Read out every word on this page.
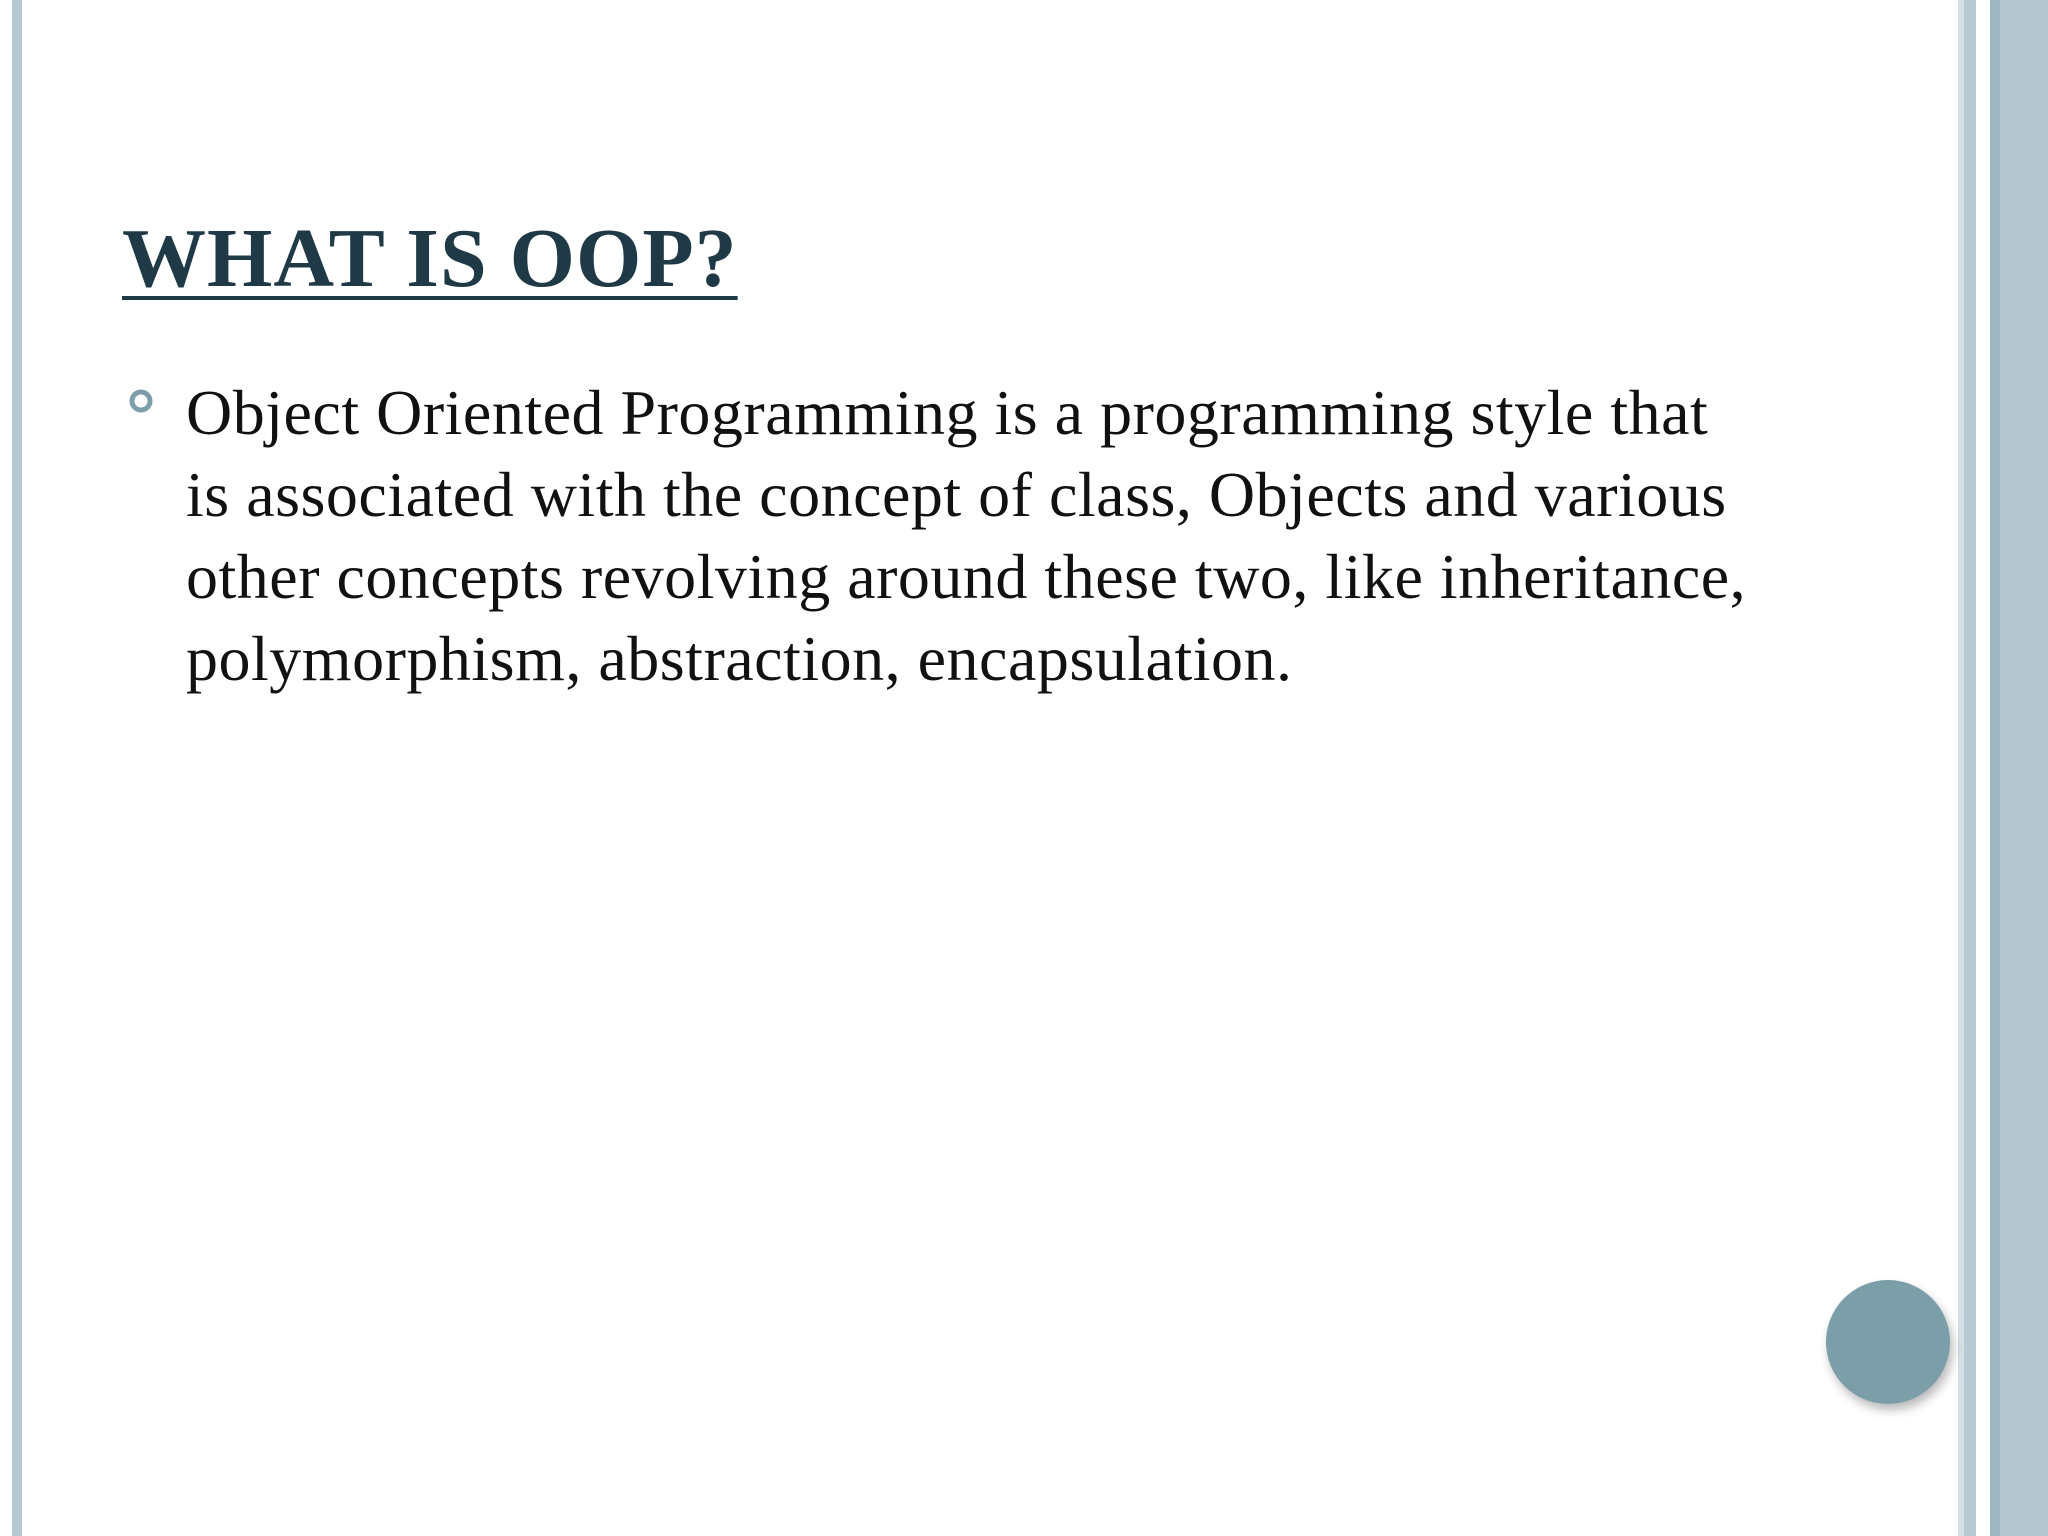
WHAT IS OOP?
Object Oriented Programming is a programming style that is associated with the concept of class, Objects and various other concepts revolving around these two, like inheritance, polymorphism, abstraction, encapsulation.
